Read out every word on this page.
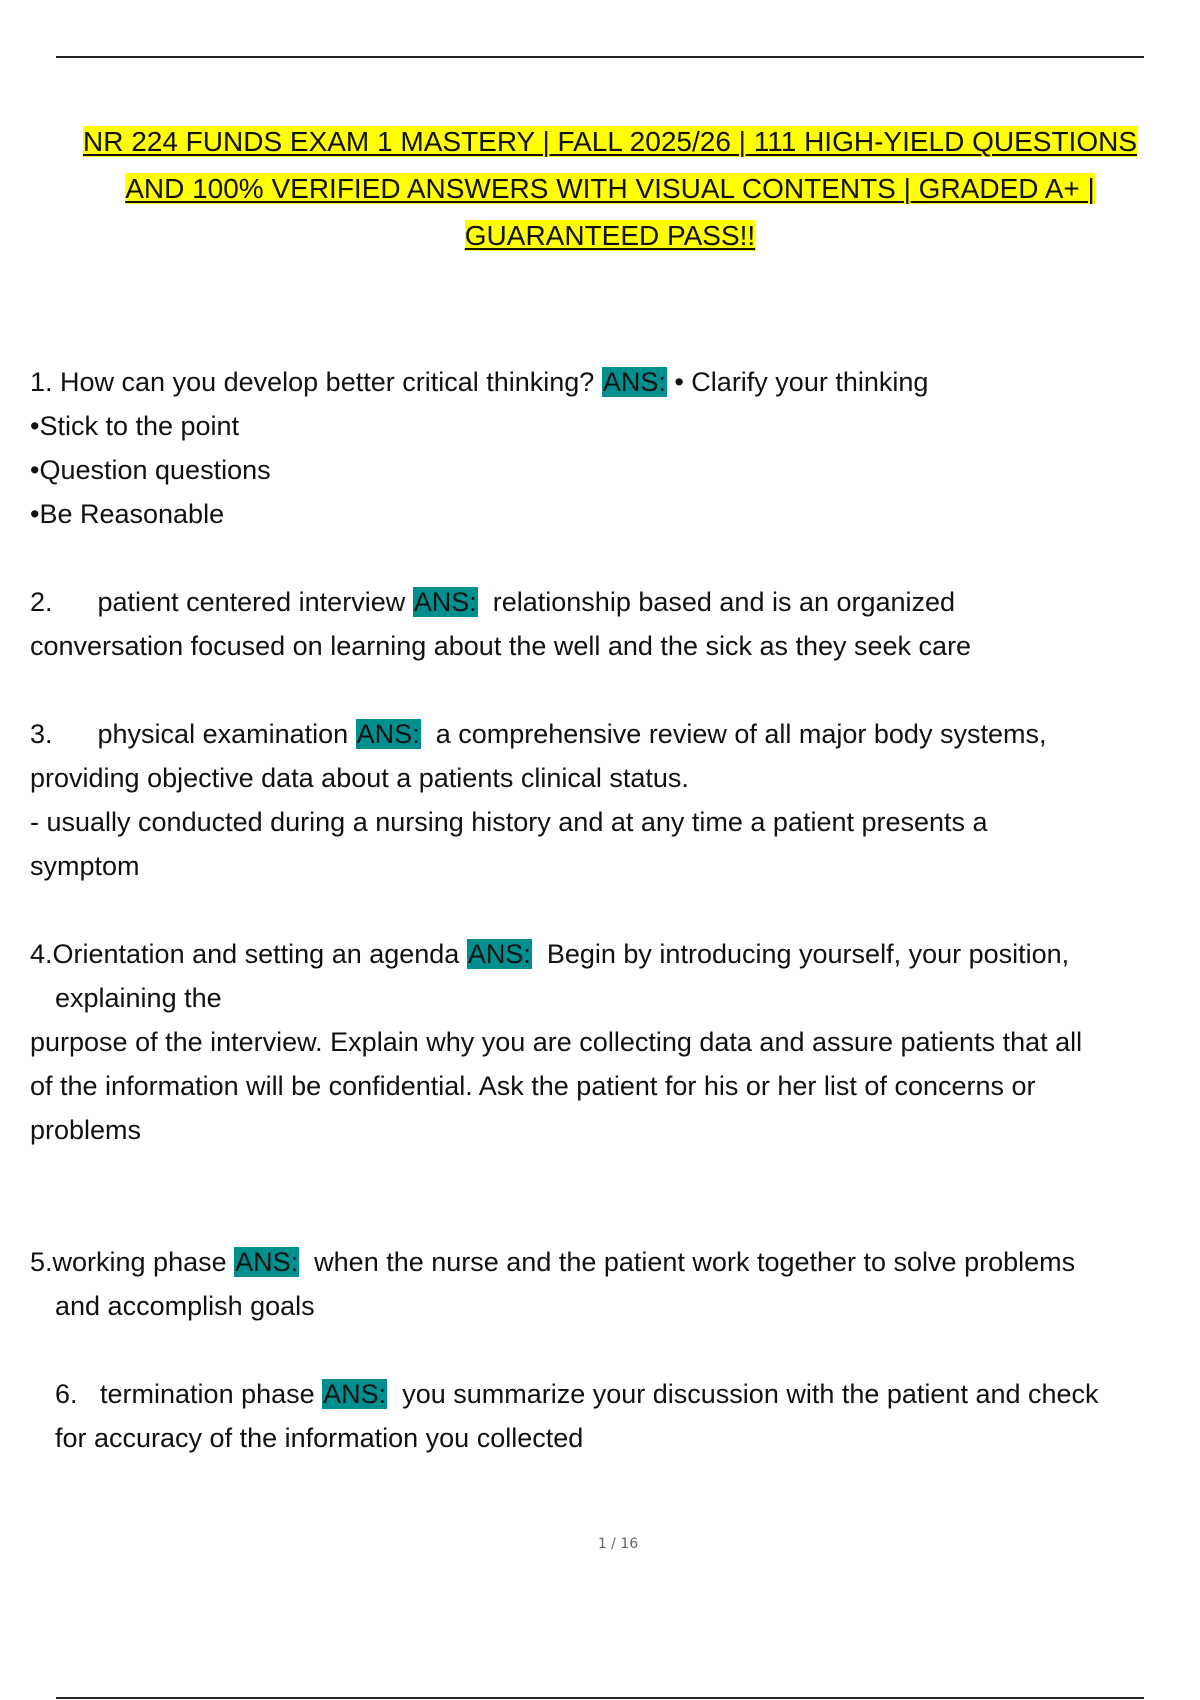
NR 224 FUNDS EXAM 1 MASTERY | FALL 2025/26 | 111 HIGH-YIELD QUESTIONS
AND 100% VERIFIED ANSWERS WITH VISUAL CONTENTS | GRADED A+ |
GUARANTEED PASS!!
1. How can you develop better critical thinking? ANS: • Clarify your thinking
•Stick to the point
•Question questions
•Be Reasonable
2.      patient centered interview ANS:  relationship based and is an organized
conversation focused on learning about the well and the sick as they seek care
3.      physical examination ANS:  a comprehensive review of all major body systems,
providing objective data about a patients clinical status.
- usually conducted during a nursing history and at any time a patient presents a
symptom
4.Orientation and setting an agenda ANS:  Begin by introducing yourself, your position,
explaining the
purpose of the interview. Explain why you are collecting data and assure patients that all
of the information will be confidential. Ask the patient for his or her list of concerns or
problems
5.working phase ANS:  when the nurse and the patient work together to solve problems
and accomplish goals
6.   termination phase ANS:  you summarize your discussion with the patient and check
for accuracy of the information you collected
1 / 16
